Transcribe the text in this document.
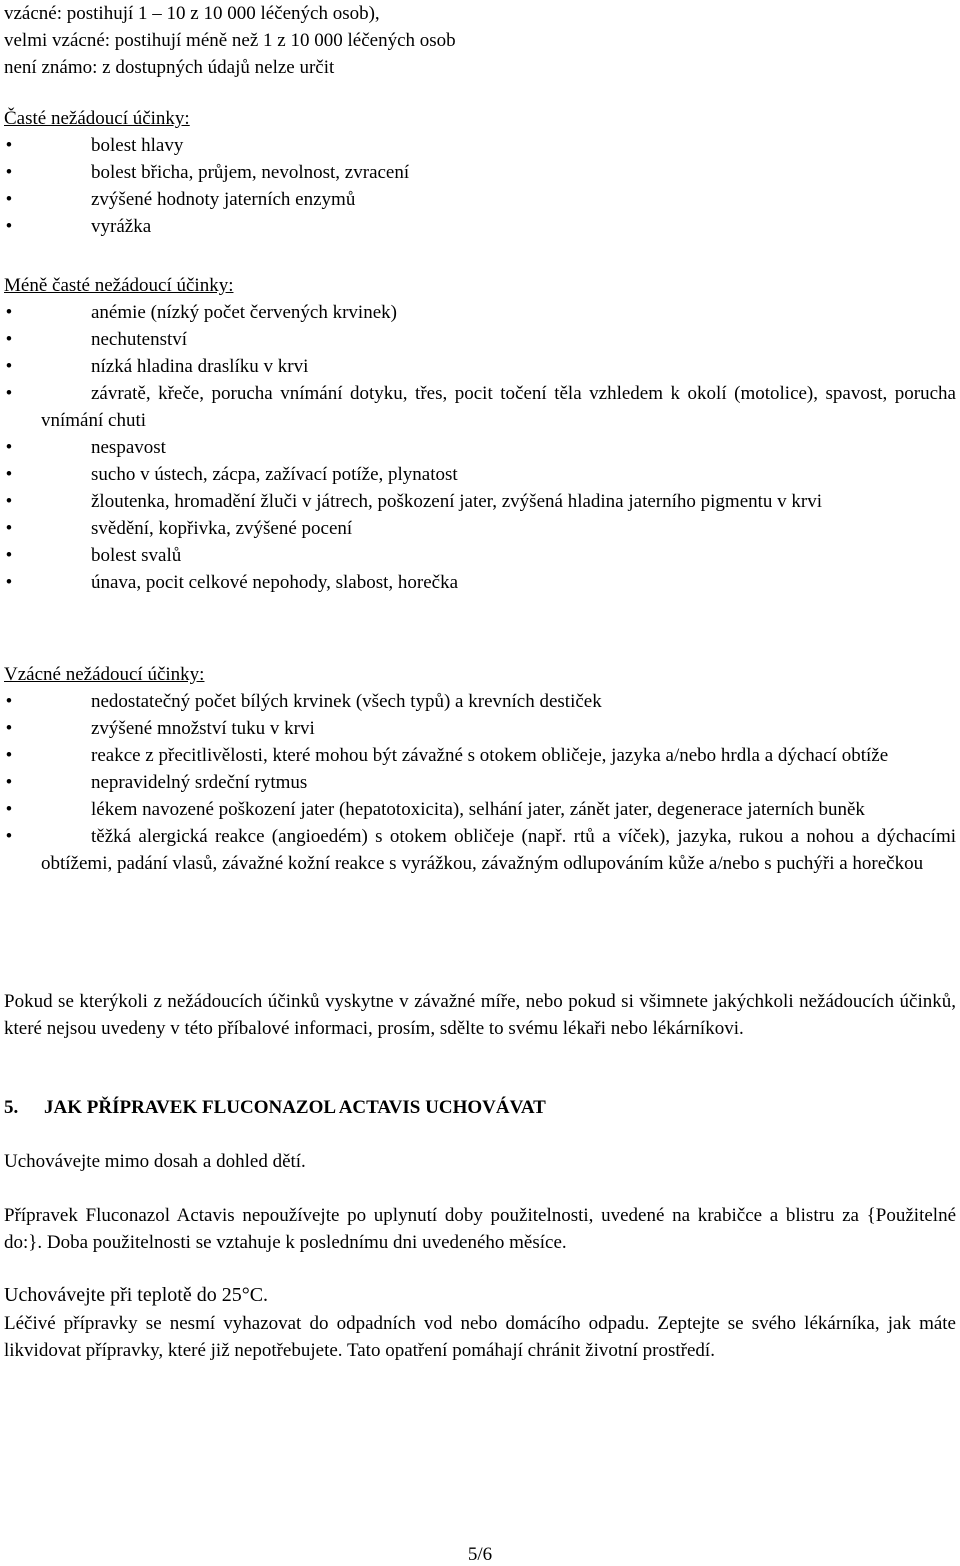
vzácné: postihují 1 – 10 z 10 000 léčených osob),

velmi vzácné: postihují méně než 1 z 10 000 léčených osob

není známo: z dostupných údajů nelze určit

Časté nežádoucí účinky:

•	bolest hlavy
•	bolest břicha, průjem, nevolnost, zvracení
•	zvýšené hodnoty jaterních enzymů
•	vyrážka

Méně časté nežádoucí účinky:

•	anémie (nízký počet červených krvinek)
•	nechutenství
•	nízká hladina draslíku v krvi
•	závratě, křeče, porucha vnímání dotyku, třes, pocit točení těla vzhledem k okolí (motolice), spavost, porucha vnímání chuti
•	nespavost
•	sucho v ústech, zácpa, zažívací potíže, plynatost
•	žloutenka, hromadění žluči v játrech, poškození jater, zvýšená hladina jaterního pigmentu v krvi
•	svědění, kopřivka, zvýšené pocení
•	bolest svalů
•	únava, pocit celkové nepohody, slabost, horečka

Vzácné nežádoucí účinky:

•	nedostatečný počet bílých krvinek (všech typů) a krevních destiček
•	zvýšené množství tuku v krvi
•	reakce z přecitlivělosti, které mohou být závažné s otokem obličeje, jazyka a/nebo hrdla a dýchací obtíže
•	nepravidelný srdeční rytmus
•	lékem navozené poškození jater (hepatotoxicita), selhání jater, zánět jater, degenerace jaterních buněk
•	těžká alergická reakce (angioedém) s otokem obličeje (např. rtů a víček), jazyka, rukou a nohou a dýchacími obtížemi, padání vlasů, závažné kožní reakce s vyrážkou, závažným odlupováním kůže a/nebo s puchýři a horečkou

Pokud se kterýkoli z nežádoucích účinků vyskytne v závažné míře, nebo pokud si všimnete jakýchkoli nežádoucích účinků, které nejsou uvedeny v této příbalové informaci, prosím, sdělte to svému lékaři nebo lékárníkovi.

5. JAK PŘÍPRAVEK FLUCONAZOL ACTAVIS UCHOVÁVAT

Uchovávejte mimo dosah a dohled dětí.

Přípravek Fluconazol Actavis nepoužívejte po uplynutí doby použitelnosti, uvedené na krabičce a blistru za {Použitelné do:}. Doba použitelnosti se vztahuje k poslednímu dni uvedeného měsíce.

Uchovávejte při teplotě do 25°C.

Léčivé přípravky se nesmí vyhazovat do odpadních vod nebo domácího odpadu. Zeptejte se svého lékárníka, jak máte likvidovat přípravky, které již nepotřebujete. Tato opatření pomáhají chránit životní prostředí.

5/6
